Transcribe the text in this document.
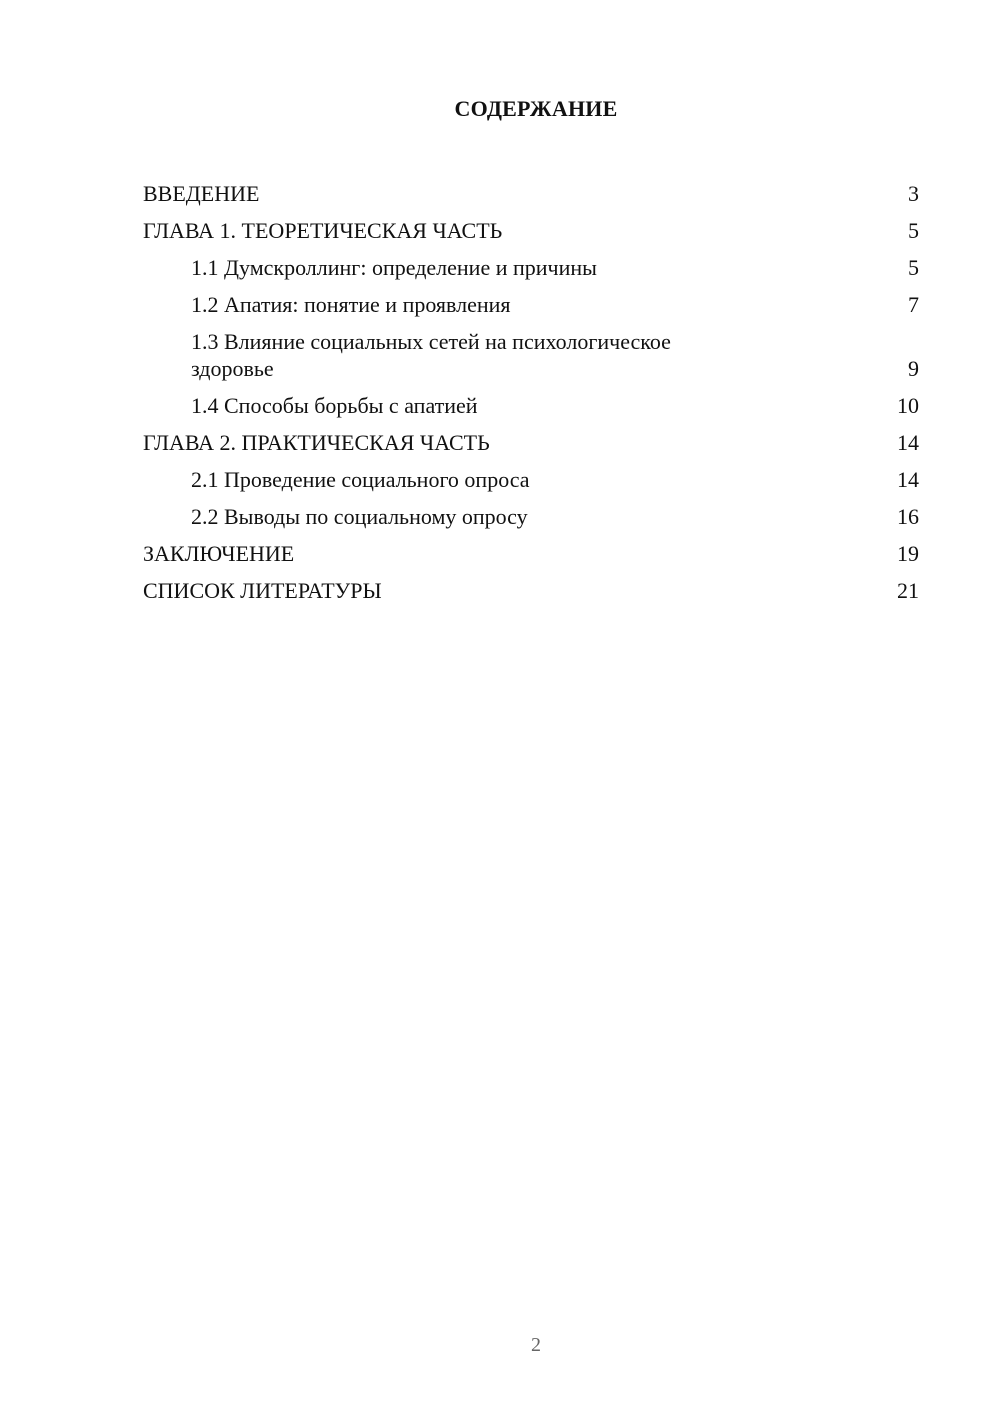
СОДЕРЖАНИЕ
ВВЕДЕНИЕ	3
ГЛАВА 1. ТЕОРЕТИЧЕСКАЯ ЧАСТЬ	5
1.1 Думскроллинг: определение и причины	5
1.2 Апатия: понятие и проявления	7
1.3 Влияние социальных сетей на психологическое здоровье	9
1.4 Способы борьбы с апатией	10
ГЛАВА 2. ПРАКТИЧЕСКАЯ ЧАСТЬ	14
2.1 Проведение социального опроса	14
2.2 Выводы по социальному опросу	16
ЗАКЛЮЧЕНИЕ	19
СПИСОК ЛИТЕРАТУРЫ	21
2
